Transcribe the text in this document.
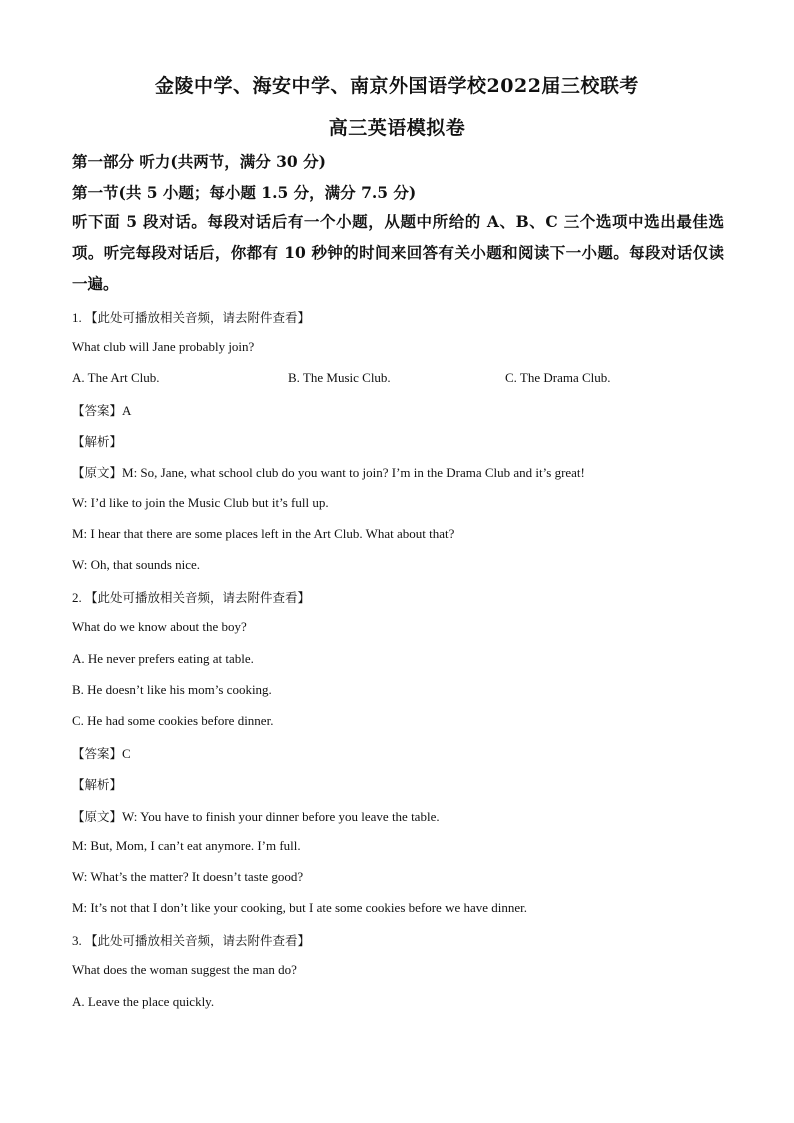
金陵中学、海安中学、南京外国语学校2022届三校联考
高三英语模拟卷
第一部分 听力(共两节，满分 30 分)
第一节(共 5 小题；每小题 1.5 分，满分 7.5 分)
听下面 5 段对话。每段对话后有一个小题，从题中所给的 A、B、C 三个选项中选出最佳选项。听完每段对话后，你都有 10 秒钟的时间来回答有关小题和阅读下一小题。每段对话仅读一遍。
1. 【此处可播放相关音频，请去附件查看】
What club will Jane probably join?
A. The Art Club.	B. The Music Club.	C. The Drama Club.
【答案】A
【解析】
【原文】M: So, Jane, what school club do you want to join? I’m in the Drama Club and it’s great!
W: I’d like to join the Music Club but it’s full up.
M: I hear that there are some places left in the Art Club. What about that?
W: Oh, that sounds nice.
2. 【此处可播放相关音频，请去附件查看】
What do we know about the boy?
A. He never prefers eating at table.
B. He doesn’t like his mom’s cooking.
C. He had some cookies before dinner.
【答案】C
【解析】
【原文】W: You have to finish your dinner before you leave the table.
M: But, Mom, I can’t eat anymore. I’m full.
W: What’s the matter? It doesn’t taste good?
M: It’s not that I don’t like your cooking, but I ate some cookies before we have dinner.
3. 【此处可播放相关音频，请去附件查看】
What does the woman suggest the man do?
A. Leave the place quickly.
